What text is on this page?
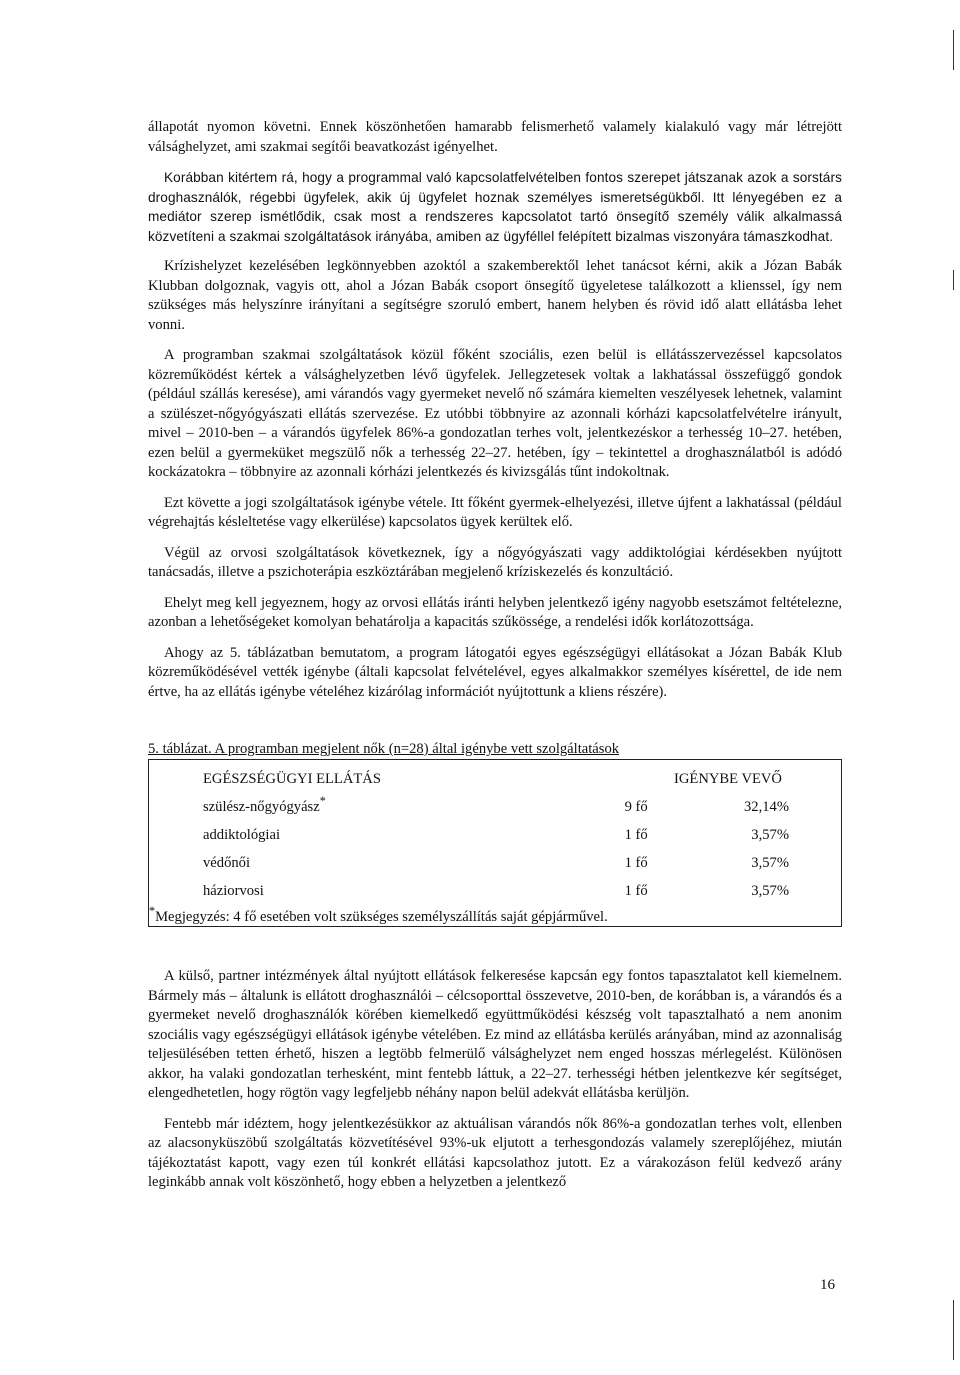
állapotát nyomon követni. Ennek köszönhetően hamarabb felismerhető valamely kialakuló vagy már létrejött válsághelyzet, ami szakmai segítői beavatkozást igényelhet.

Korábban kitértem rá, hogy a programmal való kapcsolatfelvételben fontos szerepet játszanak azok a sorstárs droghasználók, régebbi ügyfelek, akik új ügyfelet hoznak személyes ismeretségükből. Itt lényegében ez a mediátor szerep ismétlődik, csak most a rendszeres kapcsolatot tartó önsegítő személy válik alkalmassá közvetíteni a szakmai szolgáltatások irányába, amiben az ügyféllel felépített bizalmas viszonyára támaszkodhat.

Krízishelyzet kezelésében legkönnyebben azoktól a szakemberektől lehet tanácsot kérni, akik a Józan Babák Klubban dolgoznak, vagyis ott, ahol a Józan Babák csoport önsegítő ügyeletese találkozott a klienssel, így nem szükséges más helyszínre irányítani a segítségre szoruló embert, hanem helyben és rövid idő alatt ellátásba lehet vonni.

A programban szakmai szolgáltatások közül főként szociális, ezen belül is ellátásszervezéssel kapcsolatos közreműködést kértek a válsághelyzetben lévő ügyfelek. Jellegzetesek voltak a lakhatással összefüggő gondok (például szállás keresése), ami várandós vagy gyermeket nevelő nő számára kiemelten veszélyesek lehetnek, valamint a szülészet-nőgyógyászati ellátás szervezése. Ez utóbbi többnyire az azonnali kórházi kapcsolatfelvételre irányult, mivel – 2010-ben – a várandós ügyfelek 86%-a gondozatlan terhes volt, jelentkezéskor a terhesség 10–27. hetében, ezen belül a gyermeküket megszülő nők a terhesség 22–27. hetében, így – tekintettel a droghasználatból is adódó kockázatokra – többnyire az azonnali kórházi jelentkezés és kivizsgálás tűnt indokoltnak.

Ezt követte a jogi szolgáltatások igénybe vétele. Itt főként gyermek-elhelyezési, illetve újfent a lakhatással (például végrehajtás késleltetése vagy elkerülése) kapcsolatos ügyek kerültek elő.

Végül az orvosi szolgáltatások következnek, így a nőgyógyászati vagy addiktológiai kérdésekben nyújtott tanácsadás, illetve a pszichoterápia eszköztárában megjelenő kríziskezelés és konzultáció.

Ehelyt meg kell jegyeznem, hogy az orvosi ellátás iránti helyben jelentkező igény nagyobb esetszámot feltételezne, azonban a lehetőségeket komolyan behatárolja a kapacitás szűkössége, a rendelési idők korlátozottsága.

Ahogy az 5. táblázatban bemutatom, a program látogatói egyes egészségügyi ellátásokat a Józan Babák Klub közreműködésével vették igénybe (általi kapcsolat felvételével, egyes alkalmakkor személyes kísérettel, de ide nem értve, ha az ellátás igénybe vételéhez kizárólag információt nyújtottunk a kliens részére).

5. táblázat. A programban megjelent nők (n=28) által igénybe vett szolgáltatások
EGÉSZSÉGÜGYI ELLÁTÁS	IGÉNYBE VEVŐ	
szülész-nőgyógyász*	9 fő	32,14%
addiktológiai	1 fő	3,57%
védőnői	1 fő	3,57%
háziorvosi	1 fő	3,57%
*Megjegyzés: 4 fő esetében volt szükséges személyszállítás saját gépjárművel.		

A külső, partner intézmények által nyújtott ellátások felkeresése kapcsán egy fontos tapasztalatot kell kiemelnem. Bármely más – általunk is ellátott droghasználói – célcsoporttal összevetve, 2010-ben, de korábban is, a várandós és a gyermeket nevelő droghasználók körében kiemelkedő együttműködési készség volt tapasztalható a nem anonim szociális vagy egészségügyi ellátások igénybe vételében. Ez mind az ellátásba kerülés arányában, mind az azonnaliság teljesülésében tetten érhető, hiszen a legtöbb felmerülő válsághelyzet nem enged hosszas mérlegelést. Különösen akkor, ha valaki gondozatlan terhesként, mint fentebb láttuk, a 22–27. terhességi hétben jelentkezve kér segítséget, elengedhetetlen, hogy rögtön vagy legfeljebb néhány napon belül adekvát ellátásba kerüljön.

Fentebb már idéztem, hogy jelentkezésükkor az aktuálisan várandós nők 86%-a gondozatlan terhes volt, ellenben az alacsonyküszöbű szolgáltatás közvetítésével 93%-uk eljutott a terhesgondozás valamely szereplőjéhez, miután tájékoztatást kapott, vagy ezen túl konkrét ellátási kapcsolathoz jutott. Ez a várakozáson felül kedvező arány leginkább annak volt köszönhető, hogy ebben a helyzetben a jelentkező

16
